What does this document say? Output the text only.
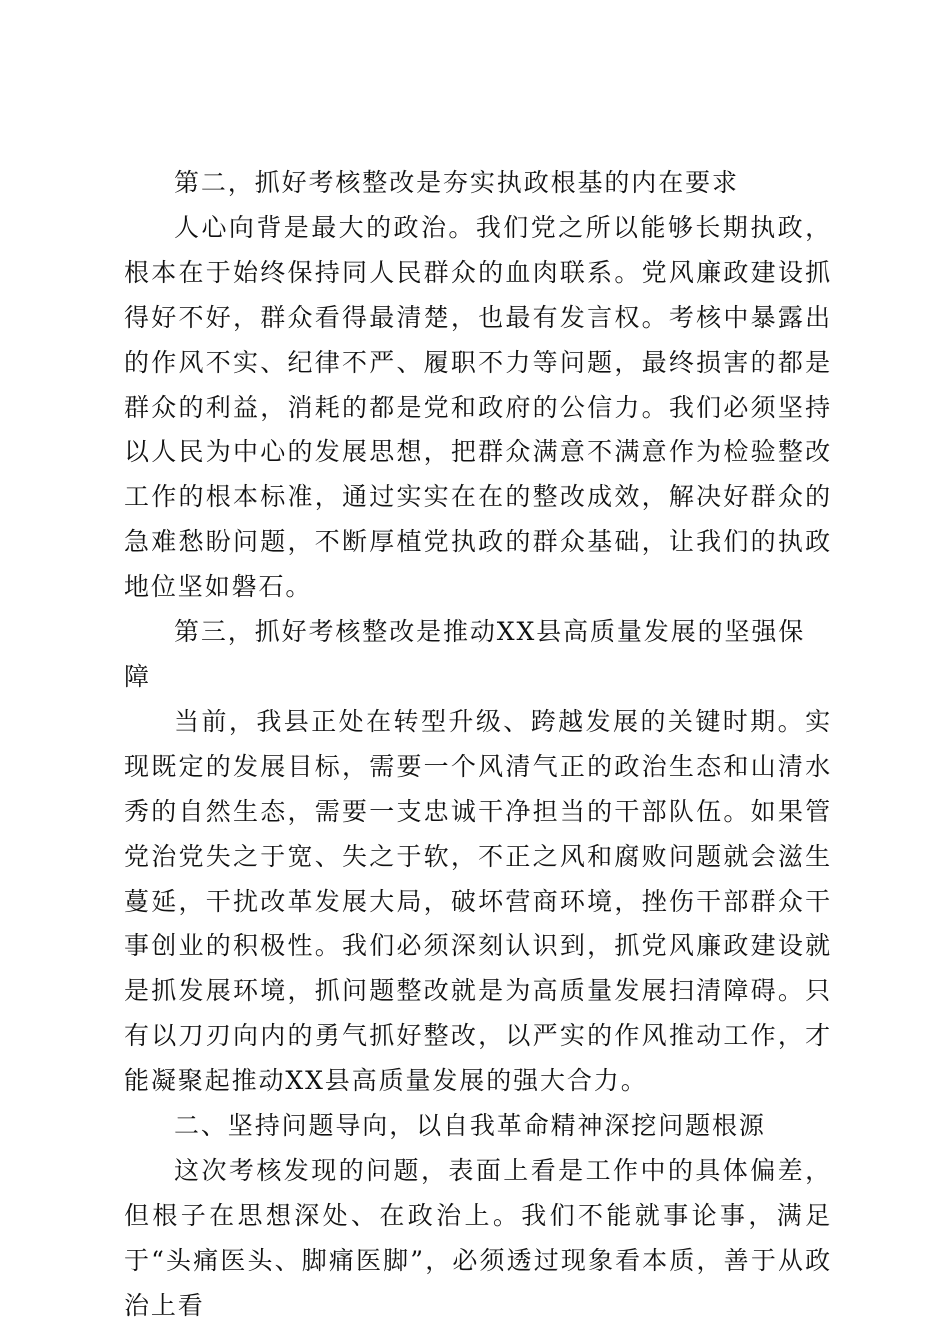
第二，抓好考核整改是夯实执政根基的内在要求

人心向背是最大的政治。我们党之所以能够长期执政，根本在于始终保持同人民群众的血肉联系。党风廉政建设抓得好不好，群众看得最清楚，也最有发言权。考核中暴露出的作风不实、纪律不严、履职不力等问题，最终损害的都是群众的利益，消耗的都是党和政府的公信力。我们必须坚持以人民为中心的发展思想，把群众满意不满意作为检验整改工作的根本标准，通过实实在在的整改成效，解决好群众的急难愁盼问题，不断厚植党执政的群众基础，让我们的执政地位坚如磐石。

第三，抓好考核整改是推动XX县高质量发展的坚强保障

当前，我县正处在转型升级、跨越发展的关键时期。实现既定的发展目标，需要一个风清气正的政治生态和山清水秀的自然生态，需要一支忠诚干净担当的干部队伍。如果管党治党失之于宽、失之于软，不正之风和腐败问题就会滋生蔓延，干扰改革发展大局，破坏营商环境，挫伤干部群众干事创业的积极性。我们必须深刻认识到，抓党风廉政建设就是抓发展环境，抓问题整改就是为高质量发展扫清障碍。只有以刀刃向内的勇气抓好整改，以严实的作风推动工作，才能凝聚起推动XX县高质量发展的强大合力。

二、坚持问题导向，以自我革命精神深挖问题根源

这次考核发现的问题，表面上看是工作中的具体偏差，但根子在思想深处、在政治上。我们不能就事论事，满足于“头痛医头、脚痛医脚”，必须透过现象看本质，善于从政治上看
